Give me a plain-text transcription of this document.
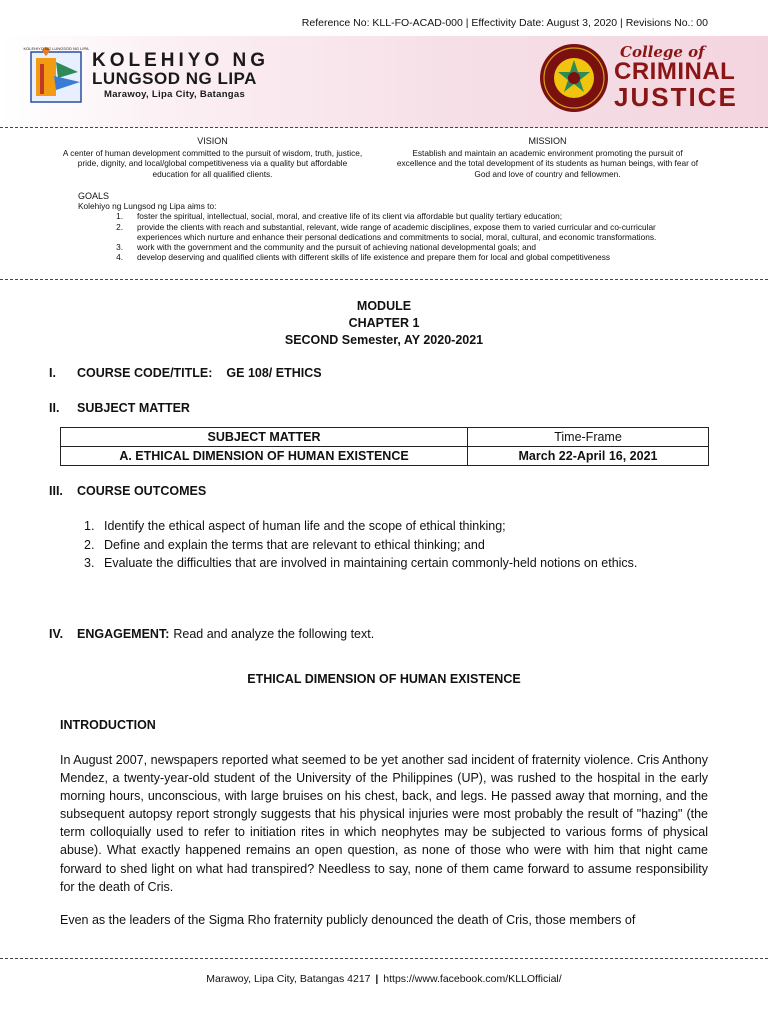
Reference No: KLL-FO-ACAD-000 | Effectivity Date: August 3, 2020 | Revisions No.: 00
KOLEHIYO NG LUNGSOD NG LIPA
KOLEHIYO NG
LUNGSOD NG LIPA
Marawoy, Lipa City, Batangas
College of
CRIMINAL
JUSTICE
VISION
A center of human development committed to the pursuit of wisdom, truth, justice, pride, dignity, and local/global competitiveness via a quality but affordable education for all qualified clients.
MISSION
Establish and maintain an academic environment promoting the pursuit of excellence and the total development of its students as human beings, with fear of God and love of country and fellowmen.
GOALS
Kolehiyo ng Lungsod ng Lipa aims to:
1.	foster the spiritual, intellectual, social, moral, and creative life of its client via affordable but quality tertiary education;
2.	provide the clients with reach and substantial, relevant, wide range of academic disciplines, expose them to varied curricular and co-curricular experiences which nurture and enhance their personal dedications and commitments to social, moral, cultural, and economic transformations.
3.	work with the government and the community and the pursuit of achieving national developmental goals; and
4.	develop deserving and qualified clients with different skills of life existence and prepare them for local and global competitiveness
MODULE
CHAPTER 1
SECOND Semester, AY 2020-2021
I.	COURSE CODE/TITLE: GE 108/ ETHICS
II.	SUBJECT MATTER
SUBJECT MATTER	Time-Frame
A. ETHICAL DIMENSION OF HUMAN EXISTENCE	March 22-April 16, 2021
III.	COURSE OUTCOMES
1. Identify the ethical aspect of human life and the scope of ethical thinking;
2. Define and explain the terms that are relevant to ethical thinking; and
3. Evaluate the difficulties that are involved in maintaining certain commonly-held notions on ethics.
IV.	ENGAGEMENT: Read and analyze the following text.
ETHICAL DIMENSION OF HUMAN EXISTENCE
INTRODUCTION
In August 2007, newspapers reported what seemed to be yet another sad incident of fraternity violence. Cris Anthony Mendez, a twenty-year-old student of the University of the Philippines (UP), was rushed to the hospital in the early morning hours, unconscious, with large bruises on his chest, back, and legs. He passed away that morning, and the subsequent autopsy report strongly suggests that his physical injuries were most probably the result of "hazing" (the term colloquially used to refer to initiation rites in which neophytes may be subjected to various forms of physical abuse). What exactly happened remains an open question, as none of those who were with him that night came forward to shed light on what had transpired? Needless to say, none of them came forward to assume responsibility for the death of Cris.
Even as the leaders of the Sigma Rho fraternity publicly denounced the death of Cris, those members of
Marawoy, Lipa City, Batangas 4217 | https://www.facebook.com/KLLOfficial/
